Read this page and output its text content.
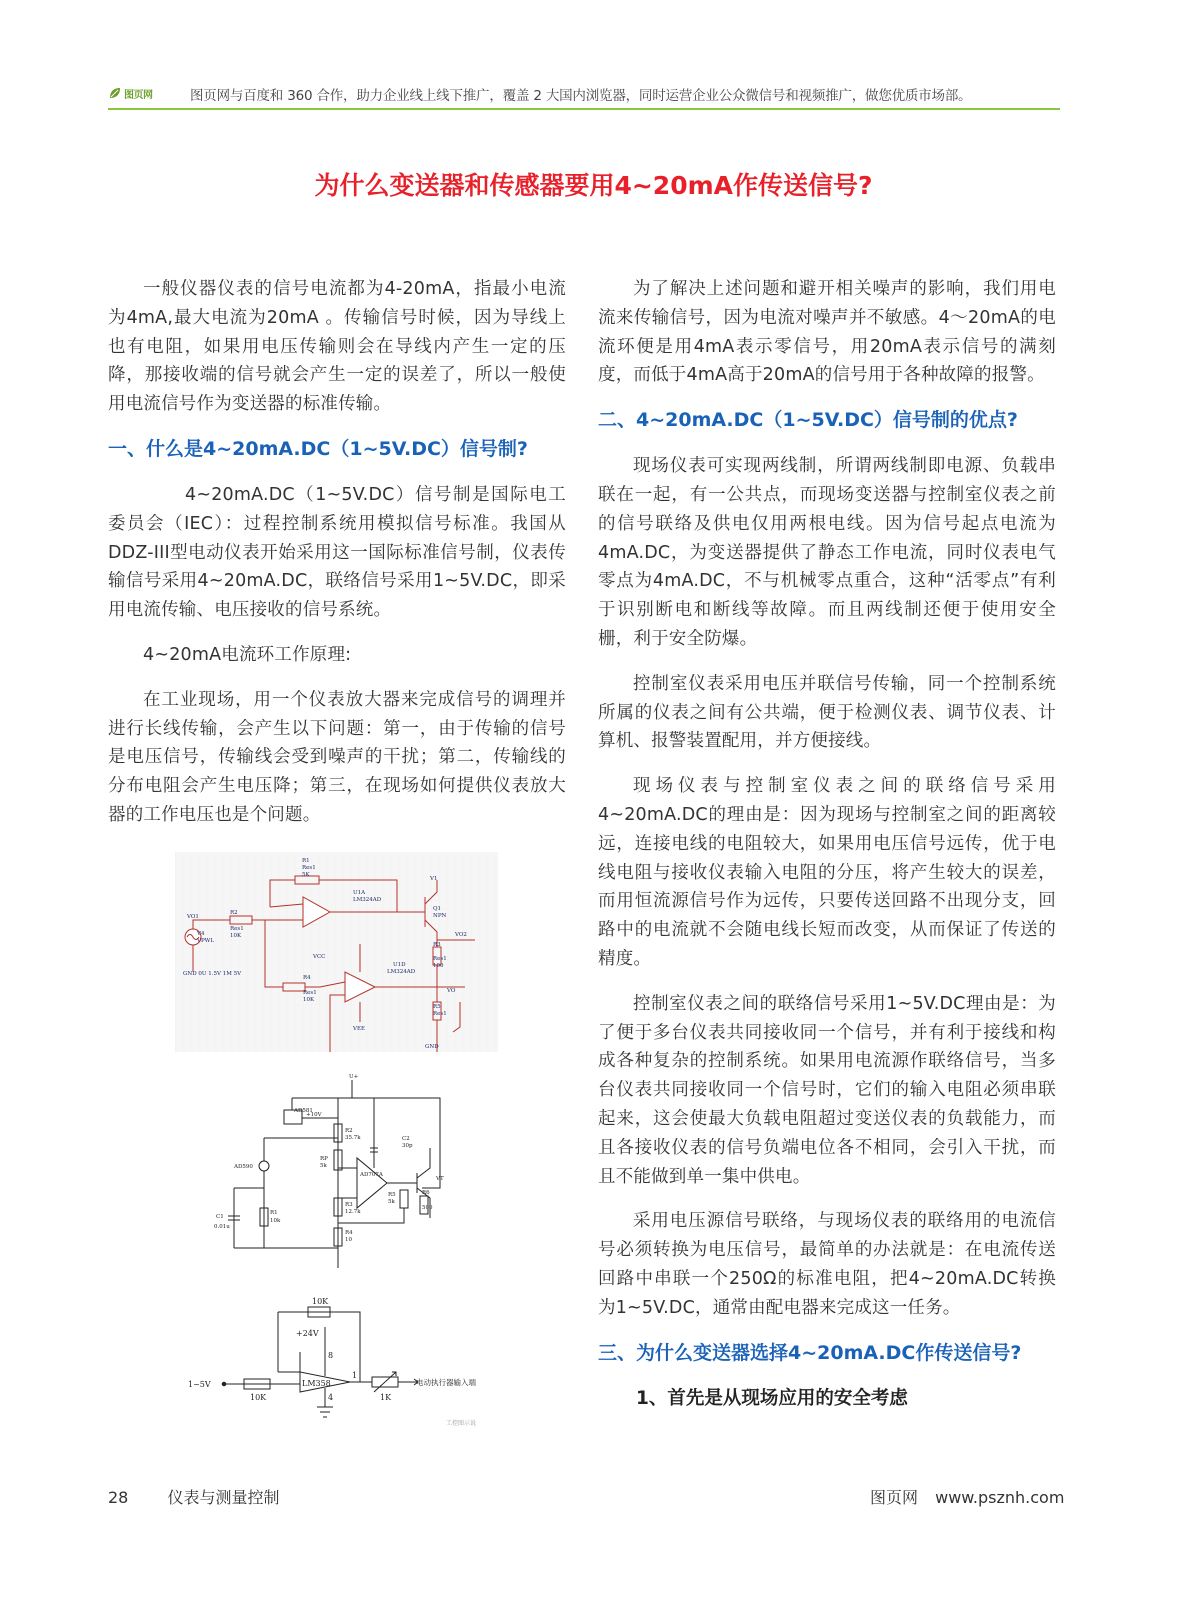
图页网	图页网与百度和 360 合作，助力企业线上线下推广，覆盖 2 大国内浏览器，同时运营企业公众微信号和视频推广，做您优质市场部。
为什么变送器和传感器要用4~20mA作传送信号?

一般仪器仪表的信号电流都为4-20mA，指最小电流为4mA,最大电流为20mA 。传输信号时候，因为导线上也有电阻，如果用电压传输则会在导线内产生一定的压降，那接收端的信号就会产生一定的误差了，所以一般使用电流信号作为变送器的标准传输。

一、什么是4~20mA.DC（1~5V.DC）信号制?

4~20mA.DC（1~5V.DC）信号制是国际电工委员会（IEC）：过程控制系统用模拟信号标准。我国从DDZ-III型电动仪表开始采用这一国际标准信号制，仪表传输信号采用4~20mA.DC，联络信号采用1~5V.DC，即采用电流传输、电压接收的信号系统。

4~20mA电流环工作原理:

在工业现场，用一个仪表放大器来完成信号的调理并进行长线传输，会产生以下问题：第一，由于传输的信号是电压信号，传输线会受到噪声的干扰；第二，传输线的分布电阻会产生电压降；第三，在现场如何提供仪表放大器的工作电压也是个问题。

R1
Res1
5K
U1A
LM324AD
VCC
Q1
NPN
V1
VO1
R2
Res1
10K
V4
VPWL
GND 0U 1.5V 1M 5V
VO2
U1D
LM324AD
R3
Res1
100
R4
Res1
10K
VO
R5
Res1
VEE
GND
U+
AD581
+10V
R2
35.7k	C2
30p
RP
5k
AD707A
VT
AD590
R3
12.7k
R5
5k
R6
500
C1
0.01u
R1
10k
R4
10
10K
+24V
8
LM358
4
1
1~5V
10K	1K
电动执行器输入端
工控图示说

为了解决上述问题和避开相关噪声的影响，我们用电流来传输信号，因为电流对噪声并不敏感。4～20mA的电流环便是用4mA表示零信号，用20mA表示信号的满刻度，而低于4mA高于20mA的信号用于各种故障的报警。

二、4~20mA.DC（1~5V.DC）信号制的优点?

现场仪表可实现两线制，所谓两线制即电源、负载串联在一起，有一公共点，而现场变送器与控制室仪表之前的信号联络及供电仅用两根电线。因为信号起点电流为4mA.DC，为变送器提供了静态工作电流，同时仪表电气零点为4mA.DC，不与机械零点重合，这种“活零点”有利于识别断电和断线等故障。而且两线制还便于使用安全栅，利于安全防爆。

控制室仪表采用电压并联信号传输，同一个控制系统所属的仪表之间有公共端，便于检测仪表、调节仪表、计算机、报警装置配用，并方便接线。

现场仪表与控制室仪表之间的联络信号采用4~20mA.DC的理由是：因为现场与控制室之间的距离较远，连接电线的电阻较大，如果用电压信号远传，优于电线电阻与接收仪表输入电阻的分压，将产生较大的误差，而用恒流源信号作为远传，只要传送回路不出现分支，回路中的电流就不会随电线长短而改变，从而保证了传送的精度。

控制室仪表之间的联络信号采用1~5V.DC理由是：为了便于多台仪表共同接收同一个信号，并有利于接线和构成各种复杂的控制系统。如果用电流源作联络信号，当多台仪表共同接收同一个信号时，它们的输入电阻必须串联起来，这会使最大负载电阻超过变送仪表的负载能力，而且各接收仪表的信号负端电位各不相同，会引入干扰，而且不能做到单一集中供电。

采用电压源信号联络，与现场仪表的联络用的电流信号必须转换为电压信号，最简单的办法就是：在电流传送回路中串联一个250Ω的标准电阻，把4~20mA.DC转换为1~5V.DC，通常由配电器来完成这一任务。

三、为什么变送器选择4~20mA.DC作传送信号?
1、首先是从现场应用的安全考虑
28 仪表与测量控制	图页网 www.psznh.com
